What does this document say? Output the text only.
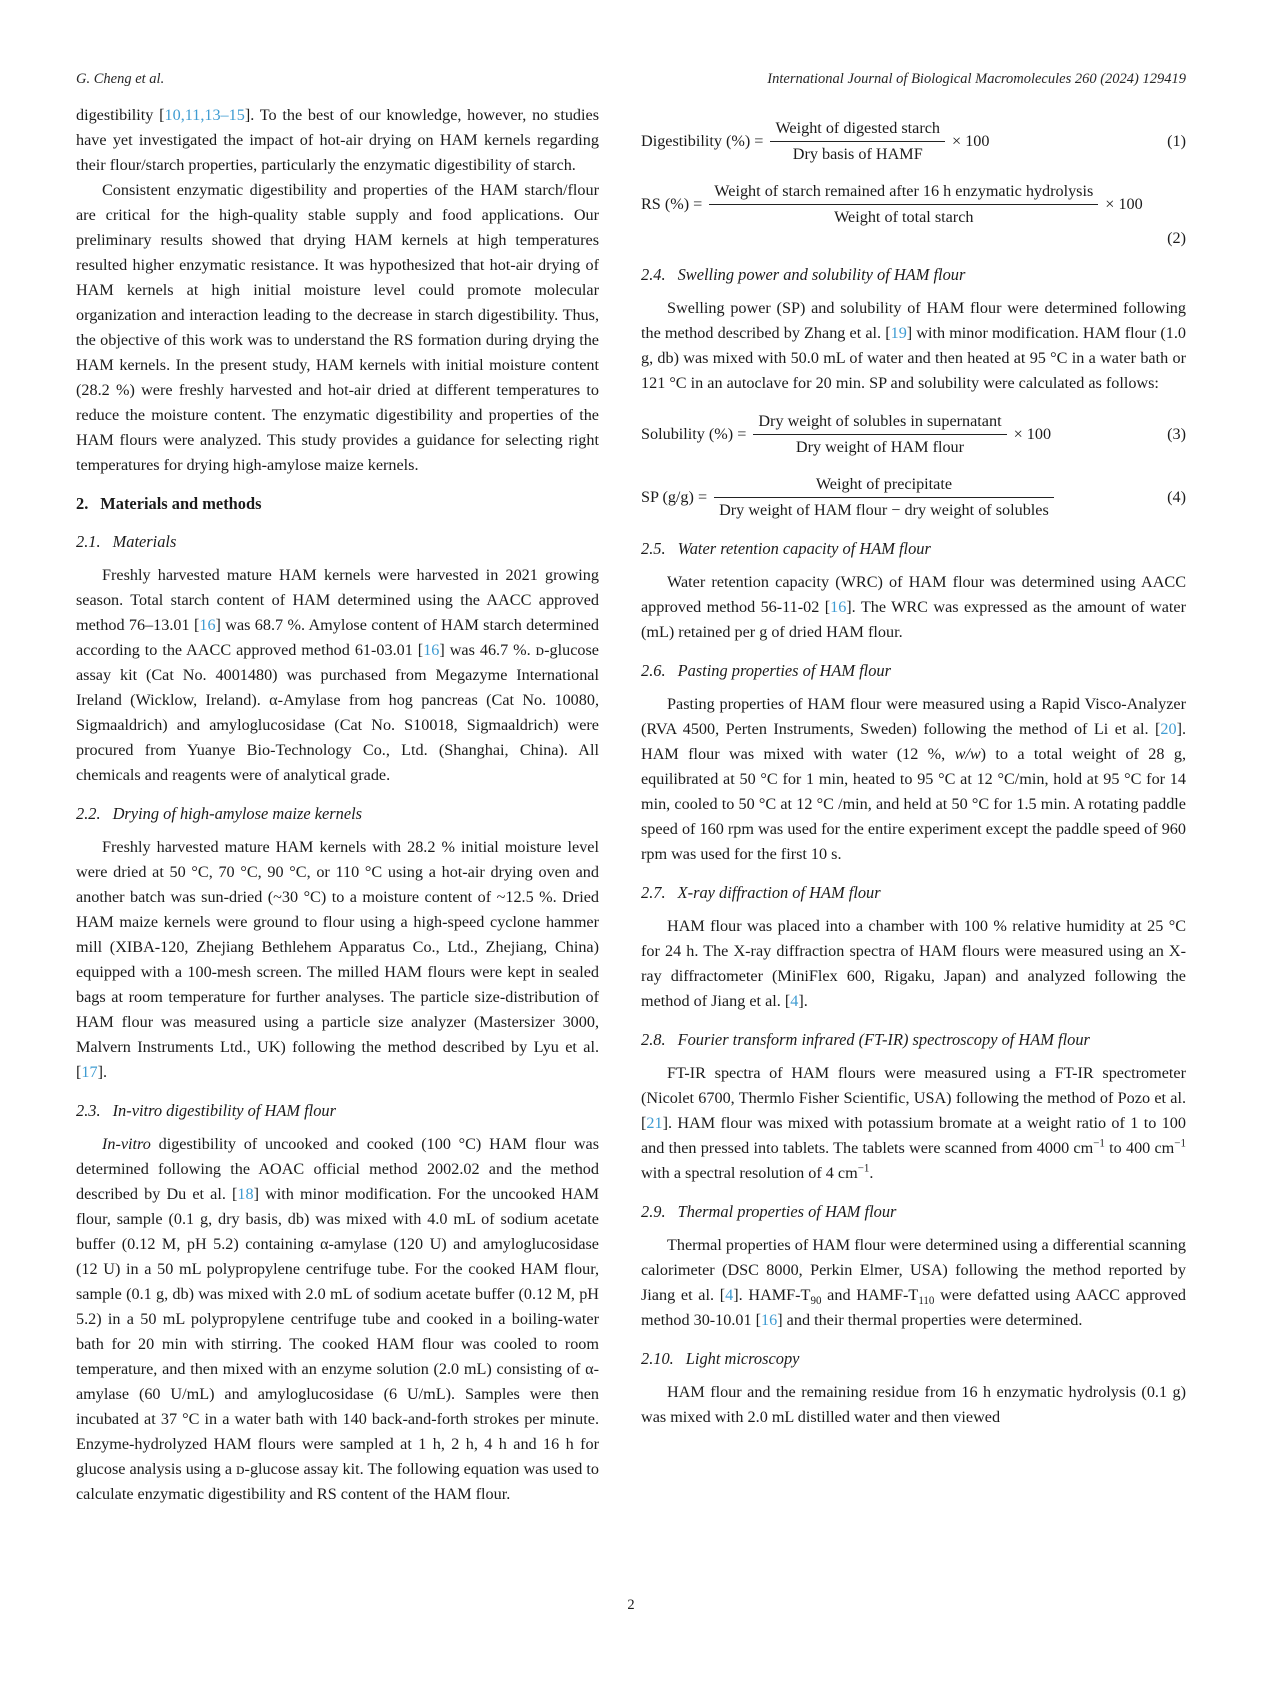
G. Cheng et al.	International Journal of Biological Macromolecules 260 (2024) 129419

digestibility [10,11,13–15]. To the best of our knowledge, however, no studies have yet investigated the impact of hot-air drying on HAM kernels regarding their flour/starch properties, particularly the enzymatic digestibility of starch.

Consistent enzymatic digestibility and properties of the HAM starch/flour are critical for the high-quality stable supply and food applications. Our preliminary results showed that drying HAM kernels at high temperatures resulted higher enzymatic resistance. It was hypothesized that hot-air drying of HAM kernels at high initial moisture level could promote molecular organization and interaction leading to the decrease in starch digestibility. Thus, the objective of this work was to understand the RS formation during drying the HAM kernels. In the present study, HAM kernels with initial moisture content (28.2 %) were freshly harvested and hot-air dried at different temperatures to reduce the moisture content. The enzymatic digestibility and properties of the HAM flours were analyzed. This study provides a guidance for selecting right temperatures for drying high-amylose maize kernels.

2. Materials and methods
2.1. Materials

Freshly harvested mature HAM kernels were harvested in 2021 growing season. Total starch content of HAM determined using the AACC approved method 76–13.01 [16] was 68.7 %. Amylose content of HAM starch determined according to the AACC approved method 61-03.01 [16] was 46.7 %. ᴅ-glucose assay kit (Cat No. 4001480) was purchased from Megazyme International Ireland (Wicklow, Ireland). α-Amylase from hog pancreas (Cat No. 10080, Sigmaaldrich) and amyloglucosidase (Cat No. S10018, Sigmaaldrich) were procured from Yuanye Bio-Technology Co., Ltd. (Shanghai, China). All chemicals and reagents were of analytical grade.

2.2. Drying of high-amylose maize kernels

Freshly harvested mature HAM kernels with 28.2 % initial moisture level were dried at 50 °C, 70 °C, 90 °C, or 110 °C using a hot-air drying oven and another batch was sun-dried (~30 °C) to a moisture content of ~12.5 %. Dried HAM maize kernels were ground to flour using a high-speed cyclone hammer mill (XIBA-120, Zhejiang Bethlehem Apparatus Co., Ltd., Zhejiang, China) equipped with a 100-mesh screen. The milled HAM flours were kept in sealed bags at room temperature for further analyses. The particle size-distribution of HAM flour was measured using a particle size analyzer (Mastersizer 3000, Malvern Instruments Ltd., UK) following the method described by Lyu et al. [17].

2.3. In-vitro digestibility of HAM flour

In-vitro digestibility of uncooked and cooked (100 °C) HAM flour was determined following the AOAC official method 2002.02 and the method described by Du et al. [18] with minor modification. For the uncooked HAM flour, sample (0.1 g, dry basis, db) was mixed with 4.0 mL of sodium acetate buffer (0.12 M, pH 5.2) containing α-amylase (120 U) and amyloglucosidase (12 U) in a 50 mL polypropylene centrifuge tube. For the cooked HAM flour, sample (0.1 g, db) was mixed with 2.0 mL of sodium acetate buffer (0.12 M, pH 5.2) in a 50 mL polypropylene centrifuge tube and cooked in a boiling-water bath for 20 min with stirring. The cooked HAM flour was cooled to room temperature, and then mixed with an enzyme solution (2.0 mL) consisting of α-amylase (60 U/mL) and amyloglucosidase (6 U/mL). Samples were then incubated at 37 °C in a water bath with 140 back-and-forth strokes per minute. Enzyme-hydrolyzed HAM flours were sampled at 1 h, 2 h, 4 h and 16 h for glucose analysis using a ᴅ-glucose assay kit. The following equation was used to calculate enzymatic digestibility and RS content of the HAM flour.

Digestibility (%) = $\frac{\text{Weight of digested starch}}{\text{Dry basis of HAMF}} \times 100$	(1)
RS (%) = $\frac{\text{Weight of starch remained after 16 h enzymatic hydrolysis}}{\text{Weight of total starch}} \times 100$
(2)
2.4. Swelling power and solubility of HAM flour

Swelling power (SP) and solubility of HAM flour were determined following the method described by Zhang et al. [19] with minor modification. HAM flour (1.0 g, db) was mixed with 50.0 mL of water and then heated at 95 °C in a water bath or 121 °C in an autoclave for 20 min. SP and solubility were calculated as follows:

Solubility (%) = $\frac{\text{Dry weight of solubles in supernatant}}{\text{Dry weight of HAM flour}} \times 100$	(3)
SP $(g/g) = \frac{\text{Weight of precipitate}}{\text{Dry weight of HAM flour − dry weight of solubles}}$	(4)
2.5. Water retention capacity of HAM flour

Water retention capacity (WRC) of HAM flour was determined using AACC approved method 56-11-02 [16]. The WRC was expressed as the amount of water (mL) retained per g of dried HAM flour.

2.6. Pasting properties of HAM flour

Pasting properties of HAM flour were measured using a Rapid Visco-Analyzer (RVA 4500, Perten Instruments, Sweden) following the method of Li et al. [20]. HAM flour was mixed with water (12 %, w/w) to a total weight of 28 g, equilibrated at 50 °C for 1 min, heated to 95 °C at 12 °C/min, hold at 95 °C for 14 min, cooled to 50 °C at 12 °C /min, and held at 50 °C for 1.5 min. A rotating paddle speed of 160 rpm was used for the entire experiment except the paddle speed of 960 rpm was used for the first 10 s.

2.7. X-ray diffraction of HAM flour

HAM flour was placed into a chamber with 100 % relative humidity at 25 °C for 24 h. The X-ray diffraction spectra of HAM flours were measured using an X-ray diffractometer (MiniFlex 600, Rigaku, Japan) and analyzed following the method of Jiang et al. [4].

2.8. Fourier transform infrared (FT-IR) spectroscopy of HAM flour

FT-IR spectra of HAM flours were measured using a FT-IR spectrometer (Nicolet 6700, Thermlo Fisher Scientific, USA) following the method of Pozo et al. [21]. HAM flour was mixed with potassium bromate at a weight ratio of 1 to 100 and then pressed into tablets. The tablets were scanned from 4000 $cm^{-1}$ to 400 $cm^{-1}$ with a spectral resolution of 4 $cm^{-1}$.

2.9. Thermal properties of HAM flour

Thermal properties of HAM flour were determined using a differential scanning calorimeter (DSC 8000, Perkin Elmer, USA) following the method reported by Jiang et al. [4]. HAMF-$T_{90}$ and HAMF-$T_{110}$ were defatted using AACC approved method 30-10.01 [16] and their thermal properties were determined.

2.10. Light microscopy

HAM flour and the remaining residue from 16 h enzymatic hydrolysis (0.1 g) was mixed with 2.0 mL distilled water and then viewed

2
